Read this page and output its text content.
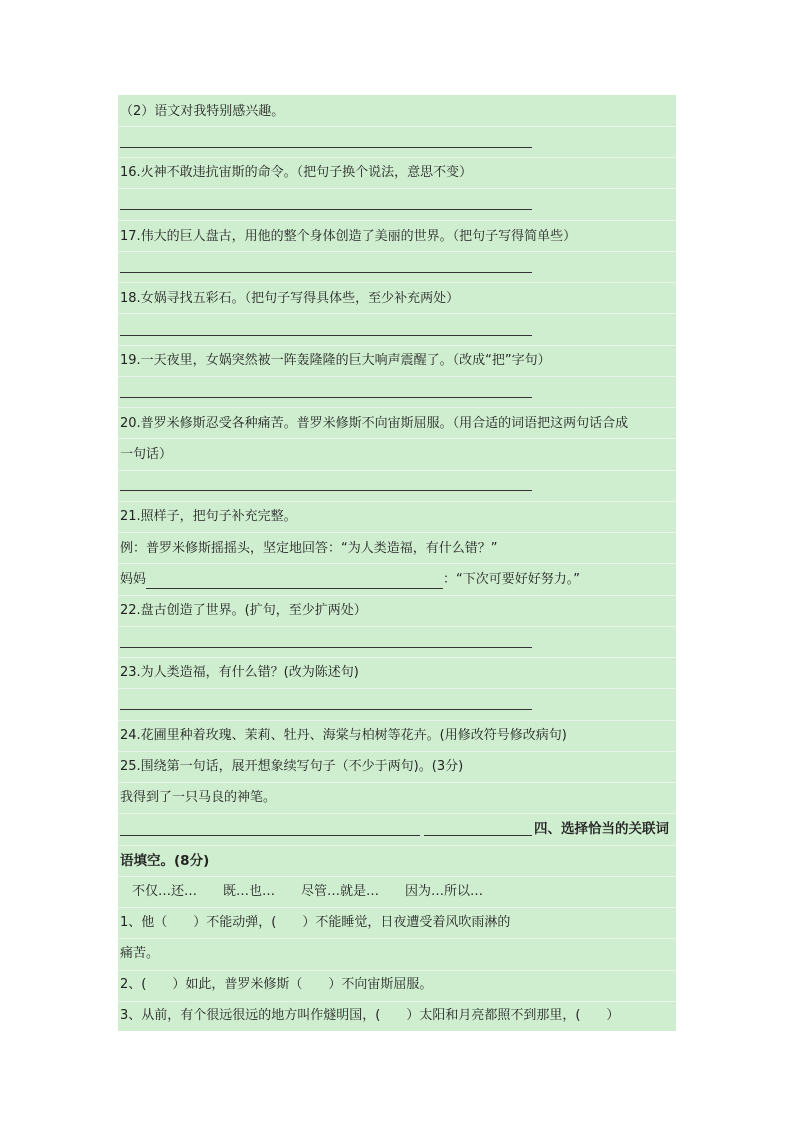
（2）语文对我特别感兴趣。
16.火神不敢违抗宙斯的命令。（把句子换个说法，意思不变）
17.伟大的巨人盘古，用他的整个身体创造了美丽的世界。（把句子写得简单些）
18.女娲寻找五彩石。（把句子写得具体些，至少补充两处）
19.一天夜里，女娲突然被一阵轰隆隆的巨大响声震醒了。（改成“把”字句）
20.普罗米修斯忍受各种痛苦。普罗米修斯不向宙斯屈服。（用合适的词语把这两句话合成
一句话）
21.照样子，把句子补充完整。
例：普罗米修斯摇摇头，坚定地回答：“为人类造福，有什么错？”
妈妈	：“下次可要好好努力。”
22.盘古创造了世界。(扩句，至少扩两处）
23.为人类造福，有什么错？(改为陈述句)
24.花圃里种着玫瑰、茉莉、牡丹、海棠与柏树等花卉。(用修改符号修改病句)
25.围绕第一句话，展开想象续写句子（不少于两句)。(3分)
我得到了一只马良的神笔。
四、选择恰当的关联词
语填空。(8分)
不仅…还…　　既…也…　　尽管…就是…　　因为…所以…
1、他（　　）不能动弹，(　　）不能睡觉，日夜遭受着风吹雨淋的
痛苦。
2、(　　）如此，普罗米修斯（　　）不向宙斯屈服。
3、从前，有个很远很远的地方叫作燧明国，(　　）太阳和月亮都照不到那里，(　　）
